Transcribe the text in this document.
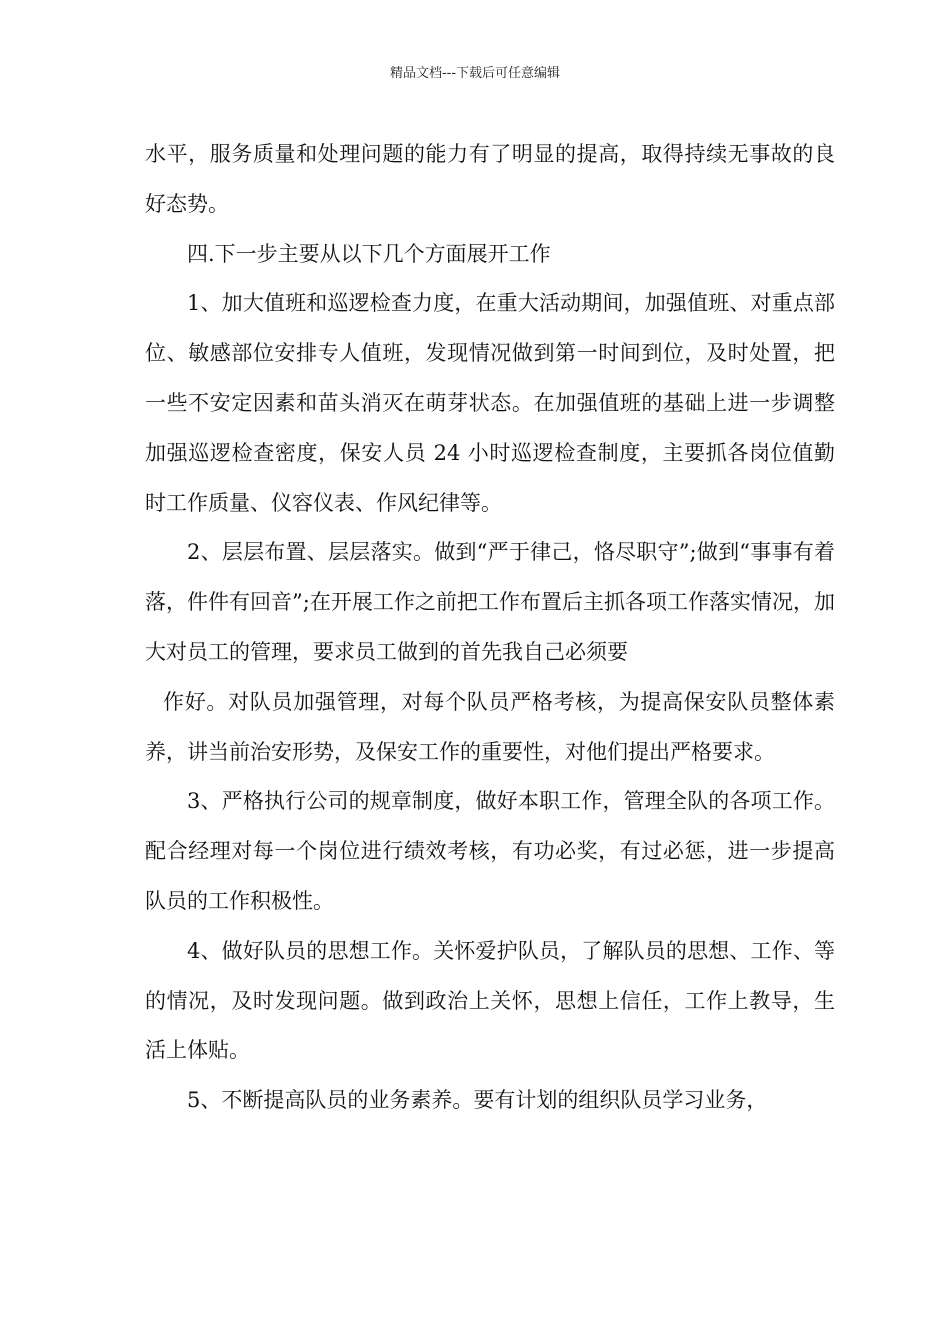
精品文档---下载后可任意编辑

水平，服务质量和处理问题的能力有了明显的提高，取得持续无事故的良好态势。

四.下一步主要从以下几个方面展开工作

1、加大值班和巡逻检查力度，在重大活动期间，加强值班、对重点部位、敏感部位安排专人值班，发现情况做到第一时间到位，及时处置，把一些不安定因素和苗头消灭在萌芽状态。在加强值班的基础上进一步调整加强巡逻检查密度，保安人员 24 小时巡逻检查制度，主要抓各岗位值勤时工作质量、仪容仪表、作风纪律等。

2、层层布置、层层落实。做到“严于律己，恪尽职守”;做到“事事有着落，件件有回音”;在开展工作之前把工作布置后主抓各项工作落实情况，加大对员工的管理，要求员工做到的首先我自己必须要

作好。对队员加强管理，对每个队员严格考核，为提高保安队员整体素养，讲当前治安形势，及保安工作的重要性，对他们提出严格要求。

3、严格执行公司的规章制度，做好本职工作，管理全队的各项工作。配合经理对每一个岗位进行绩效考核，有功必奖，有过必惩，进一步提高队员的工作积极性。

4、做好队员的思想工作。关怀爱护队员，了解队员的思想、工作、等的情况，及时发现问题。做到政治上关怀，思想上信任，工作上教导，生活上体贴。

5、不断提高队员的业务素养。要有计划的组织队员学习业务，
